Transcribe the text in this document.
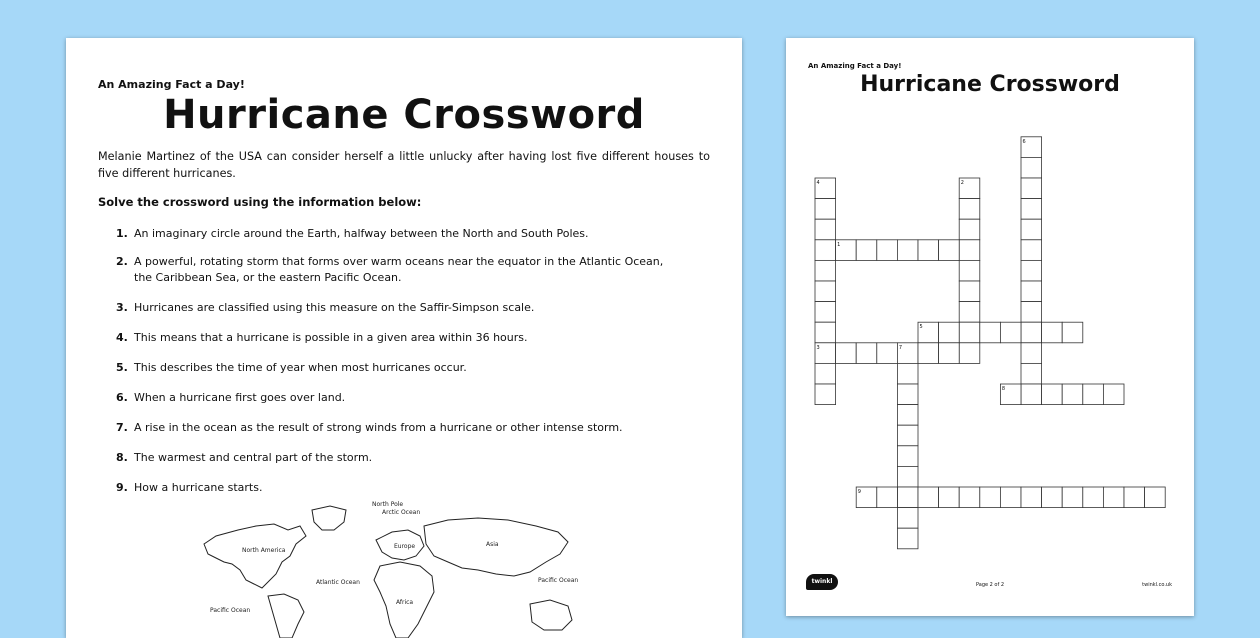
An Amazing Fact a Day!
Hurricane Crossword
Melanie Martinez of the USA can consider herself a little unlucky after having lost five different houses to five different hurricanes.
Solve the crossword using the information below:
1. An imaginary circle around the Earth, halfway between the North and South Poles.
2. A powerful, rotating storm that forms over warm oceans near the equator in the Atlantic Ocean, the Caribbean Sea, or the eastern Pacific Ocean.
3. Hurricanes are classified using this measure on the Saffir-Simpson scale.
4. This means that a hurricane is possible in a given area within 36 hours.
5. This describes the time of year when most hurricanes occur.
6. When a hurricane first goes over land.
7. A rise in the ocean as the result of strong winds from a hurricane or other intense storm.
8. The warmest and central part of the storm.
9. How a hurricane starts.
North Pole
Arctic Ocean
North America
Atlantic Ocean
Europe	Asia
Pacific Ocean
Pacific Ocean
Africa
An Amazing Fact a Day!
Hurricane Crossword
6
4
3
2
1
5
7
8
9
twinkl	Page 2 of 2	twinkl.co.uk
